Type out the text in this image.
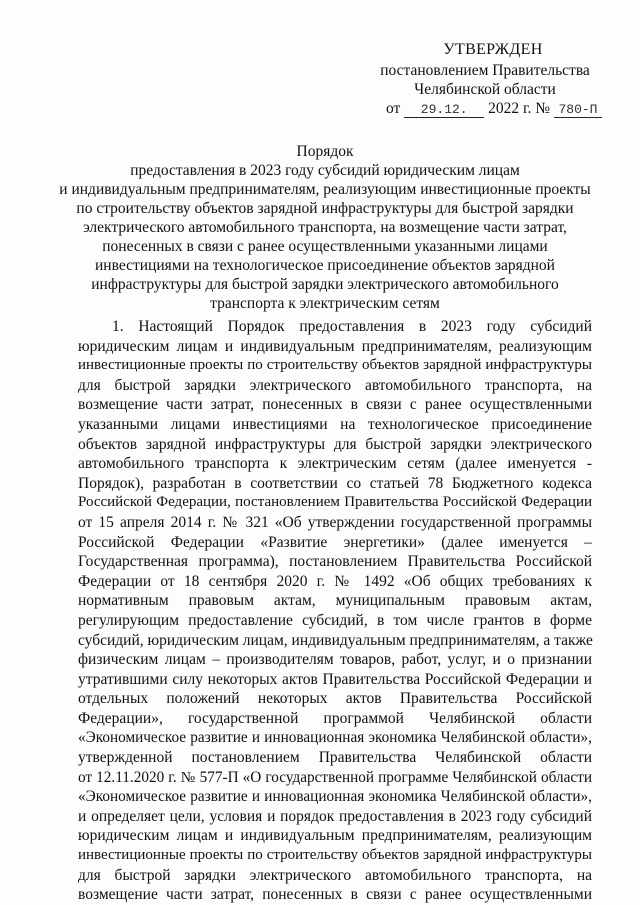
УТВЕРЖДЕН
постановлением Правительства
Челябинской области
от 29.12. 2022 г. № 780-П
Порядок
предоставления в 2023 году субсидий юридическим лицам
и индивидуальным предпринимателям, реализующим инвестиционные проекты
по строительству объектов зарядной инфраструктуры для быстрой зарядки
электрического автомобильного транспорта, на возмещение части затрат,
понесенных в связи с ранее осуществленными указанными лицами
инвестициями на технологическое присоединение объектов зарядной
инфраструктуры для быстрой зарядки электрического автомобильного
транспорта к электрическим сетям
1. Настоящий Порядок предоставления в 2023 году субсидий
юридическим лицам и индивидуальным предпринимателям, реализующим
инвестиционные проекты по строительству объектов зарядной инфраструктуры
для быстрой зарядки электрического автомобильного транспорта, на
возмещение части затрат, понесенных в связи с ранее осуществленными
указанными лицами инвестициями на технологическое присоединение
объектов зарядной инфраструктуры для быстрой зарядки электрического
автомобильного транспорта к электрическим сетям (далее именуется -
Порядок), разработан в соответствии со статьей 78 Бюджетного кодекса
Российской Федерации, постановлением Правительства Российской Федерации
от 15 апреля 2014 г. № 321 «Об утверждении государственной программы
Российской Федерации «Развитие энергетики» (далее именуется –
Государственная программа), постановлением Правительства Российской
Федерации от 18 сентября 2020 г. № 1492 «Об общих требованиях к
нормативным правовым актам, муниципальным правовым актам,
регулирующим предоставление субсидий, в том числе грантов в форме
субсидий, юридическим лицам, индивидуальным предпринимателям, а также
физическим лицам – производителям товаров, работ, услуг, и о признании
утратившими силу некоторых актов Правительства Российской Федерации и
отдельных положений некоторых актов Правительства Российской
Федерации», государственной программой Челябинской области
«Экономическое развитие и инновационная экономика Челябинской области»,
утвержденной постановлением Правительства Челябинской области
от 12.11.2020 г. № 577-П «О государственной программе Челябинской области
«Экономическое развитие и инновационная экономика Челябинской области»,
и определяет цели, условия и порядок предоставления в 2023 году субсидий
юридическим лицам и индивидуальным предпринимателям, реализующим
инвестиционные проекты по строительству объектов зарядной инфраструктуры
для быстрой зарядки электрического автомобильного транспорта, на
возмещение части затрат, понесенных в связи с ранее осуществленными
